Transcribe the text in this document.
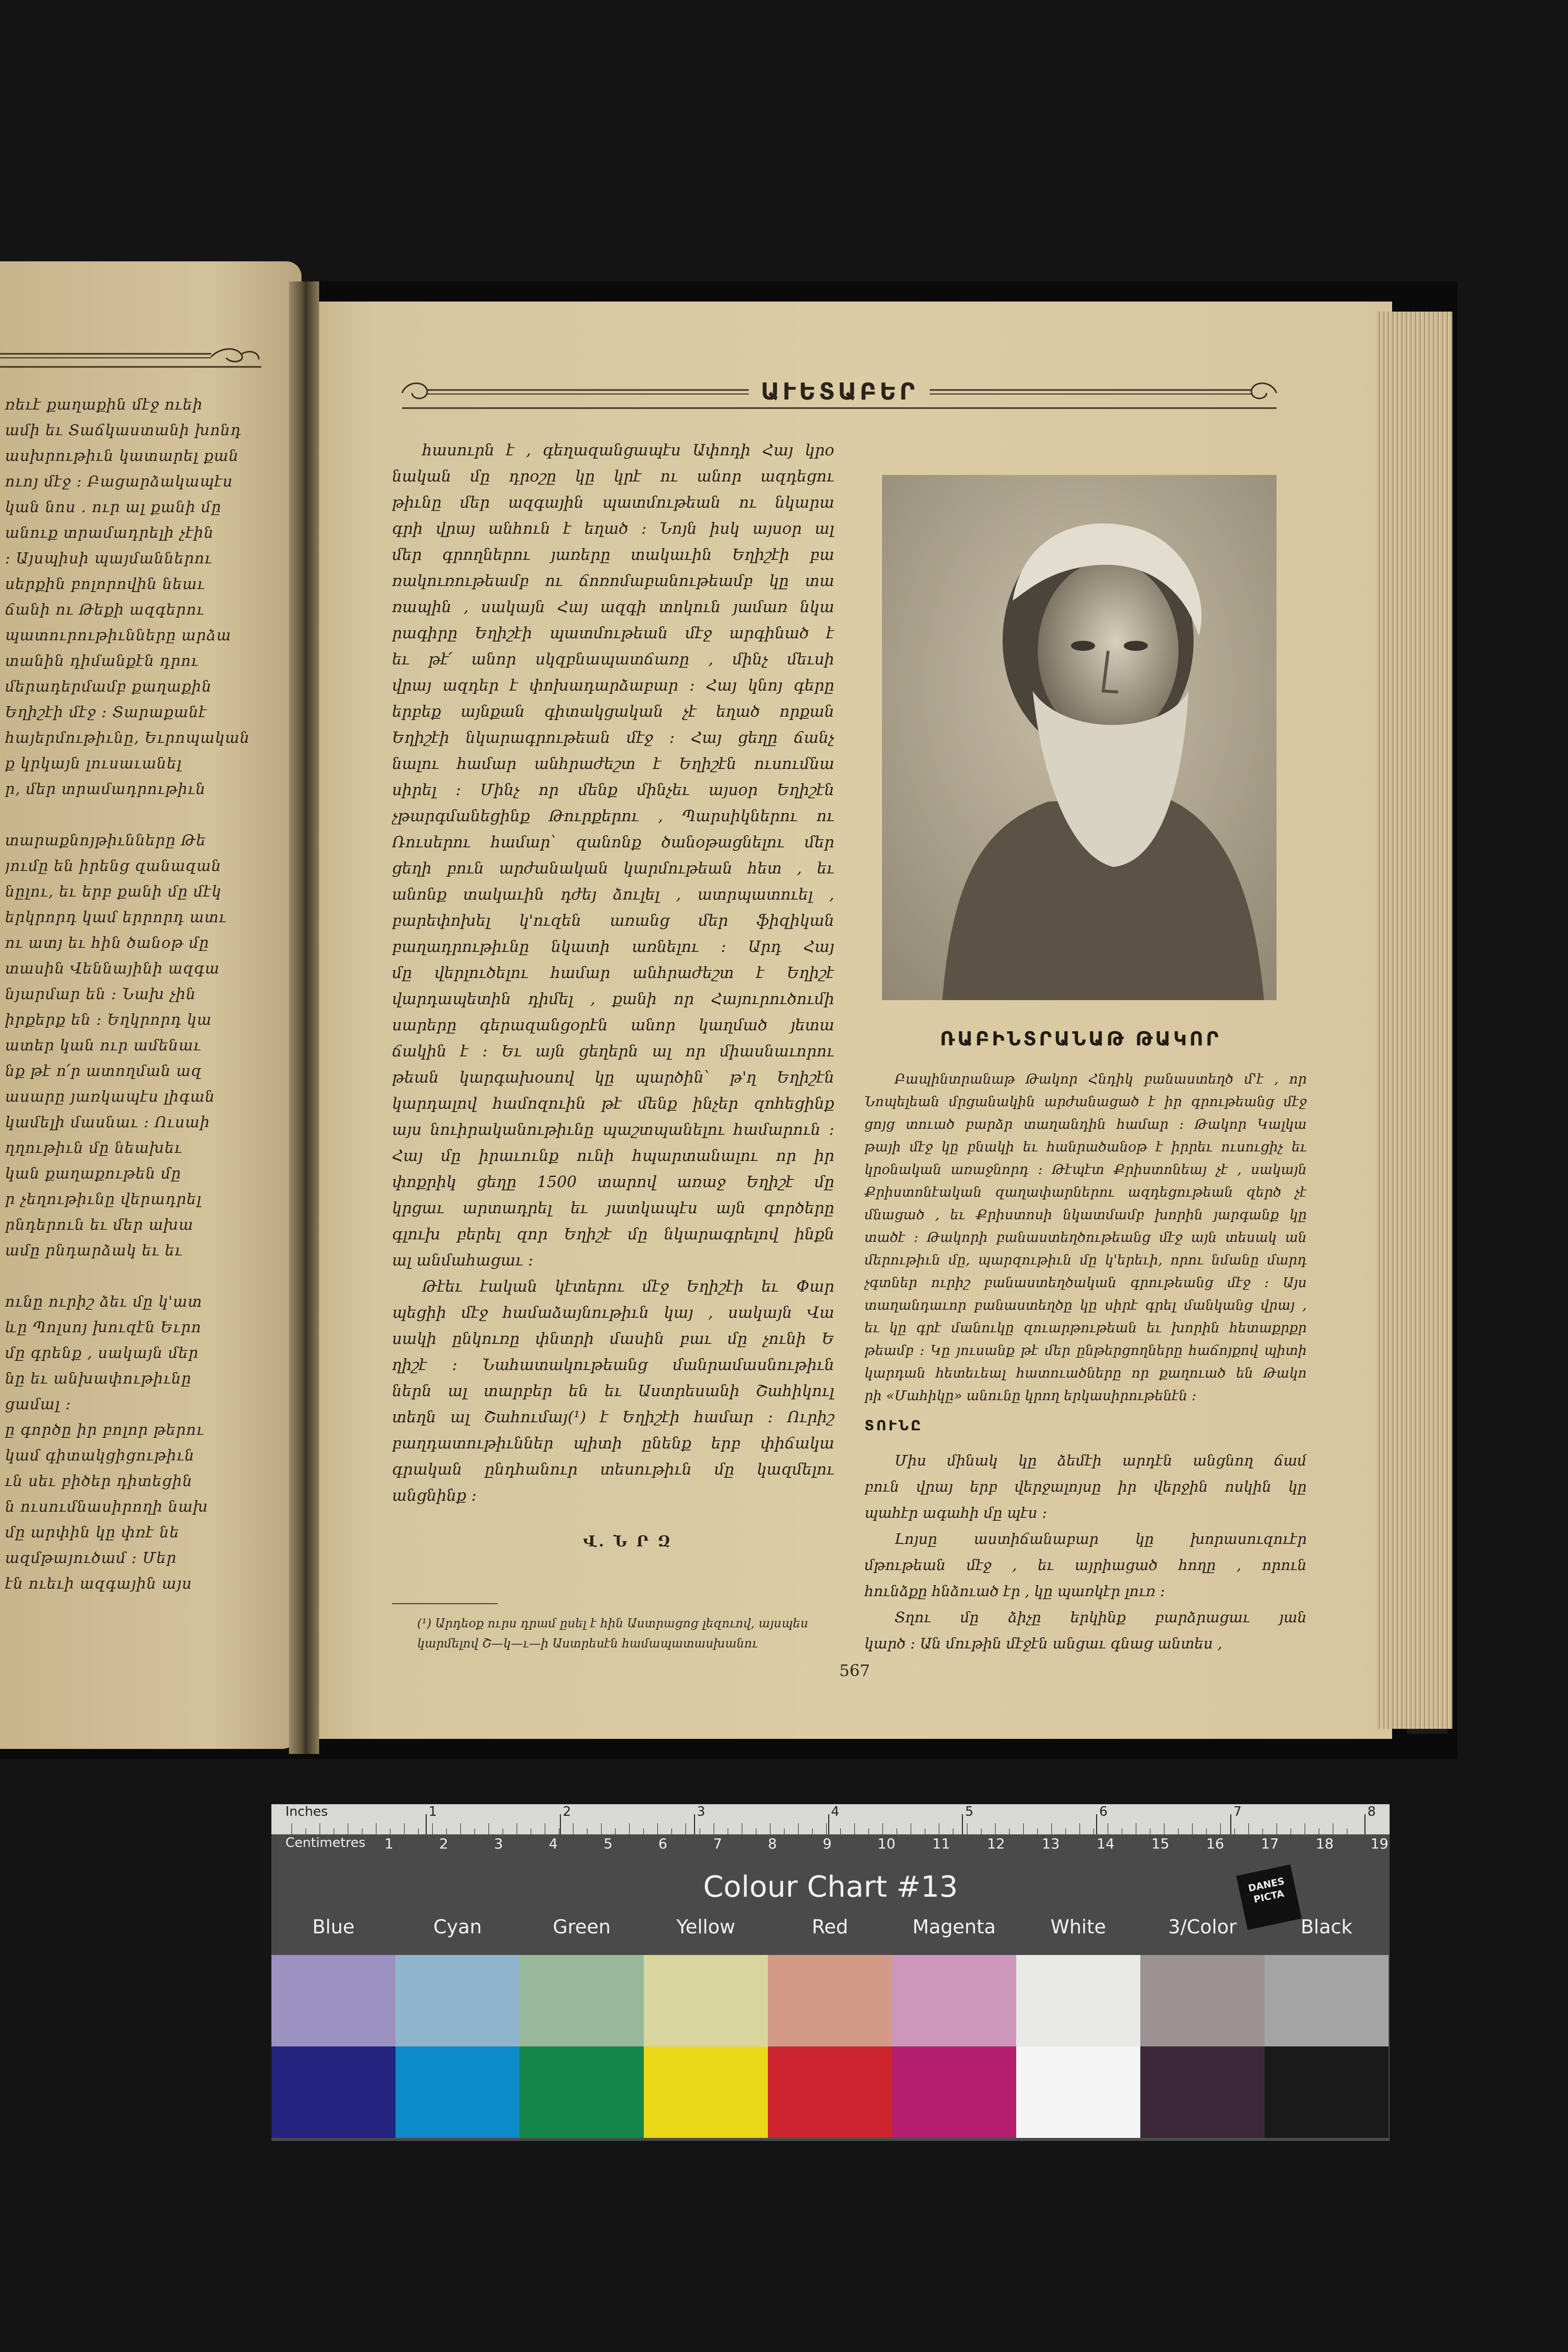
ռեւէ քաղաքին մէջ ուեի
ամի եւ Տաճկաստանի խոնդ
ասխրութիւն կատարել քան
ուոյ մէջ ։ Բացարձակապէս
կան նոս ․ ուր ալ քանի մը
անուք տրամադրելի չէին
։ Այսպիսի պայմաններու
սերքին բոլորովին նեաւ
ճանի ու Թեքի ազգերու
պատուրութիւնները արձա
տանին դիմանքէն դրու
մերադերմամբ քաղաքին
Եղիշէի մէջ ։ Տարաքանէ
հայերմութիւնը, Եւրոպական
ք կրկայն լուսաւանել
ր, մեր տրամադրութիւն
տարաքնոյթիւնները Թե
յումը են իրենց զանազան
նըլու, եւ երբ քանի մը մէկ
երկրորդ կամ երրորդ ատւ
ու ատյ եւ հին ծանօթ մը
տասին Վեննայինի ազգա
նյարմար են ։ Նախ չին
իրքերք են ։ Եղկրորդ կա
ատեր կան ուր ամենաւ
նք թէ ո՛ր ատողման ազ
ասարը յառկապէս լիգան
կամելի մասնաւ ։ Ուսաի
ղղութիւն մը նեախեւ
կան քաղաքութեն մը
ր չեղութիւնը վերադրել
րնդերուն եւ մեր ախա
ամը րնդարձակ եւ եւ
ունը ուրիշ ձեւ մը կ'ատ
ևը Պոլսոյ խուզէն Եւրո
մը գրենք , սակայն մեր
նը եւ անխափութիւնը
ցամալ ։
ը գործը իր բոլոր թերու
կամ գիտակցիցութիւն
ւն սեւ բիծեր դիտեցին
ն ուսումնասիրողի նախ
մը արփին կը փռէ նե
ազմթայուծամ ։ Մեր
էն ուեւի ազգային այս
ԱՒԵՏԱԲԵՐ
հասուրն է , գեղազանցապէս Ափոդի Հայ կրօ
նական մը դրօշը կը կրէ ու անոր ազդեցու
թիւնը մեր ազգային պատմութեան ու նկարա
գրի վրայ անհուն է եղած ։ Նոյն իսկ այսօր ալ
մեր գրողներու յառերը տակաւին Եղիշէի բա
ռակուռութեամբ ու ճոռոմաբանութեամբ կը տա
ռապին , սակայն Հայ ազգի տոկուն յամառ նկա
րագիրը Եղիշէի պատմութեան մէջ արգինած է
եւ թէ՛ անոր սկզբնապատճառը , մինչ մեւսի
վրայ ազդեր է փոխադարձաբար ։ Հայ կնոյ գերը
երբեք այնքան գիտակցական չէ եղած որքան
Եղիշէի նկարագրութեան մէջ ։ Հայ ցեղը ճանչ
նալու համար անհրաժեշտ է Եղիշէն ուսումնա
սիրել ։ Մինչ որ մենք մինչեւ այսօր Եղիշէն
չթարգմանեցինք Թուրքերու , Պարսիկներու ու
Ռուսերու համար՝ զանոնք ծանօթացնելու մեր
ցեղի բուն արժանական կարմութեան հետ , եւ
անոնք տակաւին դժեյ ձուլել , ատրպատուել ,
բարեփոխել կ'ուզեն առանց մեր ֆիզիկան
բաղադրութիւնը նկատի առնելու ։ Արդ Հայ
մը վերլուծելու համար անհրաժեշտ է Եղիշէ
վարդապետին դիմել , քանի որ Հայուրուծումի
սարերը գերազանցօրէն անոր կաղմած յետա
ճակին է ։ Եւ այն ցեղերն ալ որ միասնաւորու
թեան կարգախօսով կը պարծին՝ թ'ղ Եղիշէն
կարդալով համոզուին թէ մենք ինչեր զոհեցինք
այս նուիրականութիւնը պաշտպանելու համարուն ։
Հայ մը իրաւունք ունի հպարտանալու որ իր
փոքրիկ ցեղը 1500 տարով առաջ Եղիշէ մը
կրցաւ արտադրել եւ յատկապէս այն գործերը
գլուխ բերել զոր Եղիշէ մը նկարագրելով ինքն
ալ անմահացաւ ։
Թէեւ էական կէտերու մէջ Եղիշէի եւ Փար
պեցիի մէջ համաձայնութիւն կայ , սակայն Վա
սակի ընկուռը փնտրի մասին բաւ մը չունի Ե
ղիշէ ։ Նահատակութեանց մանրամասնութիւն
ներն ալ տարբեր են եւ Աստրեսանի Շահիկուլ
տեղն ալ Շահումայ(¹) է Եղիշէի համար ։ Ուրիշ
բաղդատութիւններ պիտի ընենք երբ փիճակա
գրական ընդհանուր տեսութիւն մը կազմելու
անցնինք ։
ՌԱԲԻՆՏՐԱՆԱԹ ԹԱԿՈՐ
Բապինտրանաթ Թակոր Հնդիկ բանաստեղծ մ'է , որ
Նոպելեան մրցանակին արժանացած է իր գրութեանց մէջ
ցոյց տուած բարձր տաղանդին համար ։ Թակոր Կալկա
թայի մէջ կը բնակի եւ հանրածանօթ է իրրեւ ուսուցիչ եւ
կրօնական առաջնորդ ։ Թէպէտ Քրիստոնեայ չէ , սակայն
Քրիստոնէական զաղափարներու ազդեցութեան զերծ չէ
մնացած , եւ Քրիստոսի նկատմամբ խորին յարգանք կը
տածէ ։ Թակորի բանաստեղծութեանց մէջ այն տեսակ ան
մերութիւն մը, պարզութիւն մը կ'երեւի, որու նմանը մարդ
չգտներ ուրիշ բանաստեղծական գրութեանց մէջ ։ Այս
տաղանդաւոր բանաստեղծը կը սիրէ գրել մանկանց վրայ ,
եւ կը գրէ մանուկը զուարթութեան եւ խորին հետաքրքր
թեամբ ։ Կը յուսանք թէ մեր ընթերցողները հաճոյքով պիտի
կարդան հետեւեալ հատուածները որ քաղուած են Թակո
րի «Մահիկը» անունը կրող երկասիրութենէն ։
ՏՈՒՆԸ
Միս մինակ կը ձեմէի արդէն անցնող ճամ
բուն վրայ երբ վերջալոյսը իր վերջին ոսկին կը
պահէր ագահի մը պէս ։
Լոյսը աստիճանաբար կը խորասուզուէր
մթութեան մէջ , եւ այրիացած հողը , որուն
հունձքը հնձուած էր , կը պառկէր լուռ ։
Տղու մը ձիչը երկինք բարձրացաւ յան
կարծ ։ Ան մութին մէջէն անցաւ գնաց անտես ,
Վ. Ն Ր Զ
(¹) Արդեօք ուրս դրամ ըսել է հին Աստրացոց լեզուով, այսպես կարմելով Շ—կ—ւ—ի Աստրեսէն համապատասխանու
567
Inches	1	2	3	4	5	6	7	8
Centimetres
Colour Chart #13	DANES PICTA
Blue	Cyan	Green	Yellow	Red	Magenta	White	3/Color	Black
1	2	3	4	5	6	7	8	9	10	11	12	13	14	15	16	17	18	19
